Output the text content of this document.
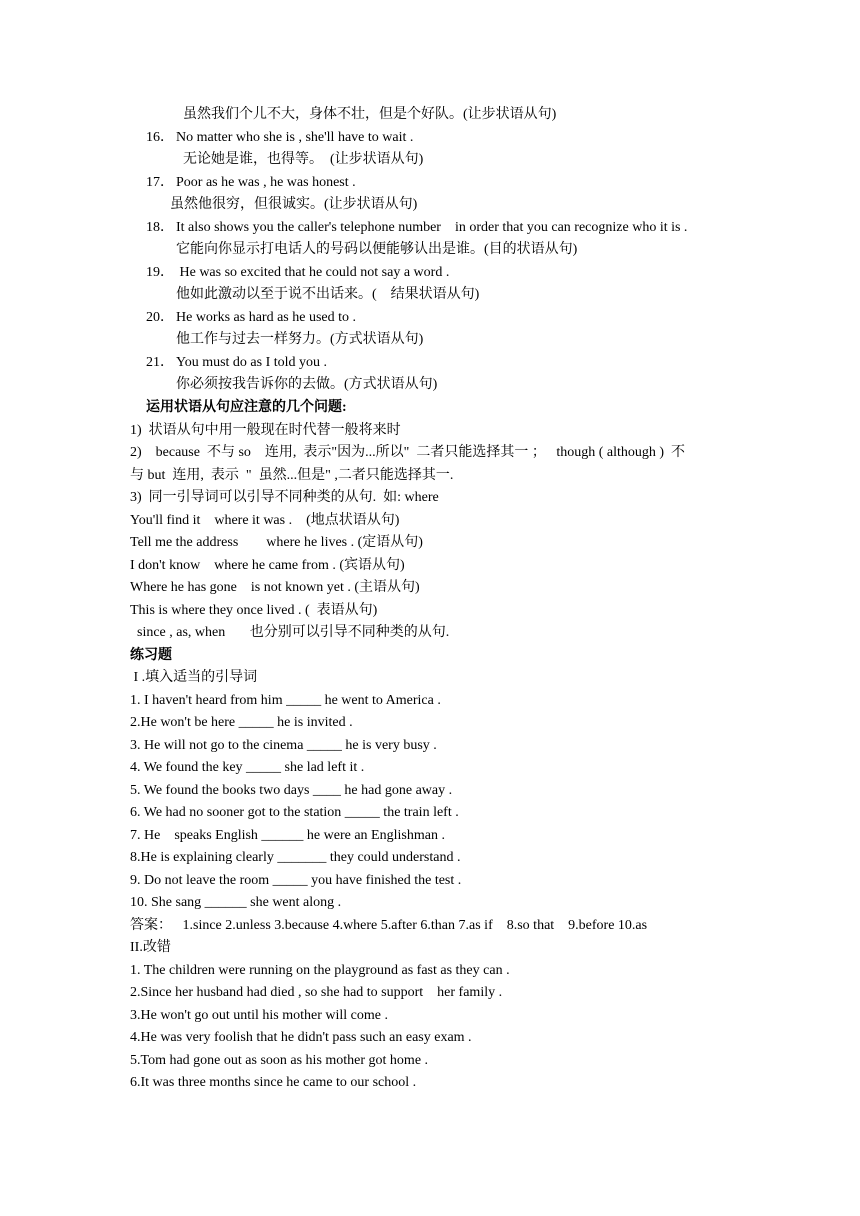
虽然我们个儿不大，身体不壮，但是个好队。(让步状语从句)
16． No matter who she is , she'll have to wait .
无论她是谁，也得等。　(让步状语从句)
17． Poor as he was , he was honest .
虽然他很穷，但很诚实。(让步状语从句)
18． It also shows you the caller's telephone number　in order that you can recognize who it is .
它能向你显示打电话人的号码以便能够认出是谁。(目的状语从句)
19． He was so excited that he could not say a word .
他如此激动以至于说不出话来。(　结果状语从句)
20． He works as hard as he used to .
他工作与过去一样努力。(方式状语从句)
21． You must do as I told you .
你必须按我告诉你的去做。(方式状语从句)
运用状语从句应注意的几个问题:
1)  状语从句中用一般现在时代替一般将来时
2)    because  不与 so    连用,  表示"因为...所以"  二者只能选择其一 ；   though ( although )  不
与 but  连用,  表示  "  虽然...但是" ,二者只能选择其一.
3)  同一引导词可以引导不同种类的从句.  如: where
You'll find it    where it was .    (地点状语从句)
Tell me the address        where he lives . (定语从句)
I don't know    where he came from . (宾语从句)
Where he has gone    is not known yet . (主语从句)
This is where they once lived . (  表语从句)
since , as, when       也分别可以引导不同种类的从句.
练习题
I .填入适当的引导词
1. I haven't heard from him _____ he went to America .
2.He won't be here _____ he is invited .
3. He will not go to the cinema _____ he is very busy .
4. We found the key _____ she lad left it .
5. We found the books two days ____ he had gone away .
6. We had no sooner got to the station _____ the train left .
7. He    speaks English ______ he were an Englishman .
8.He is explaining clearly _______ they could understand .
9. Do not leave the room _____ you have finished the test .
10. She sang ______ she went along .
答案：   1.since 2.unless 3.because 4.where 5.after 6.than 7.as if    8.so that    9.before 10.as
II.改错
1. The children were running on the playground as fast as they can .
2.Since her husband had died , so she had to support    her family .
3.He won't go out until his mother will come .
4.He was very foolish that he didn't pass such an easy exam .
5.Tom had gone out as soon as his mother got home .
6.It was three months since he came to our school .
